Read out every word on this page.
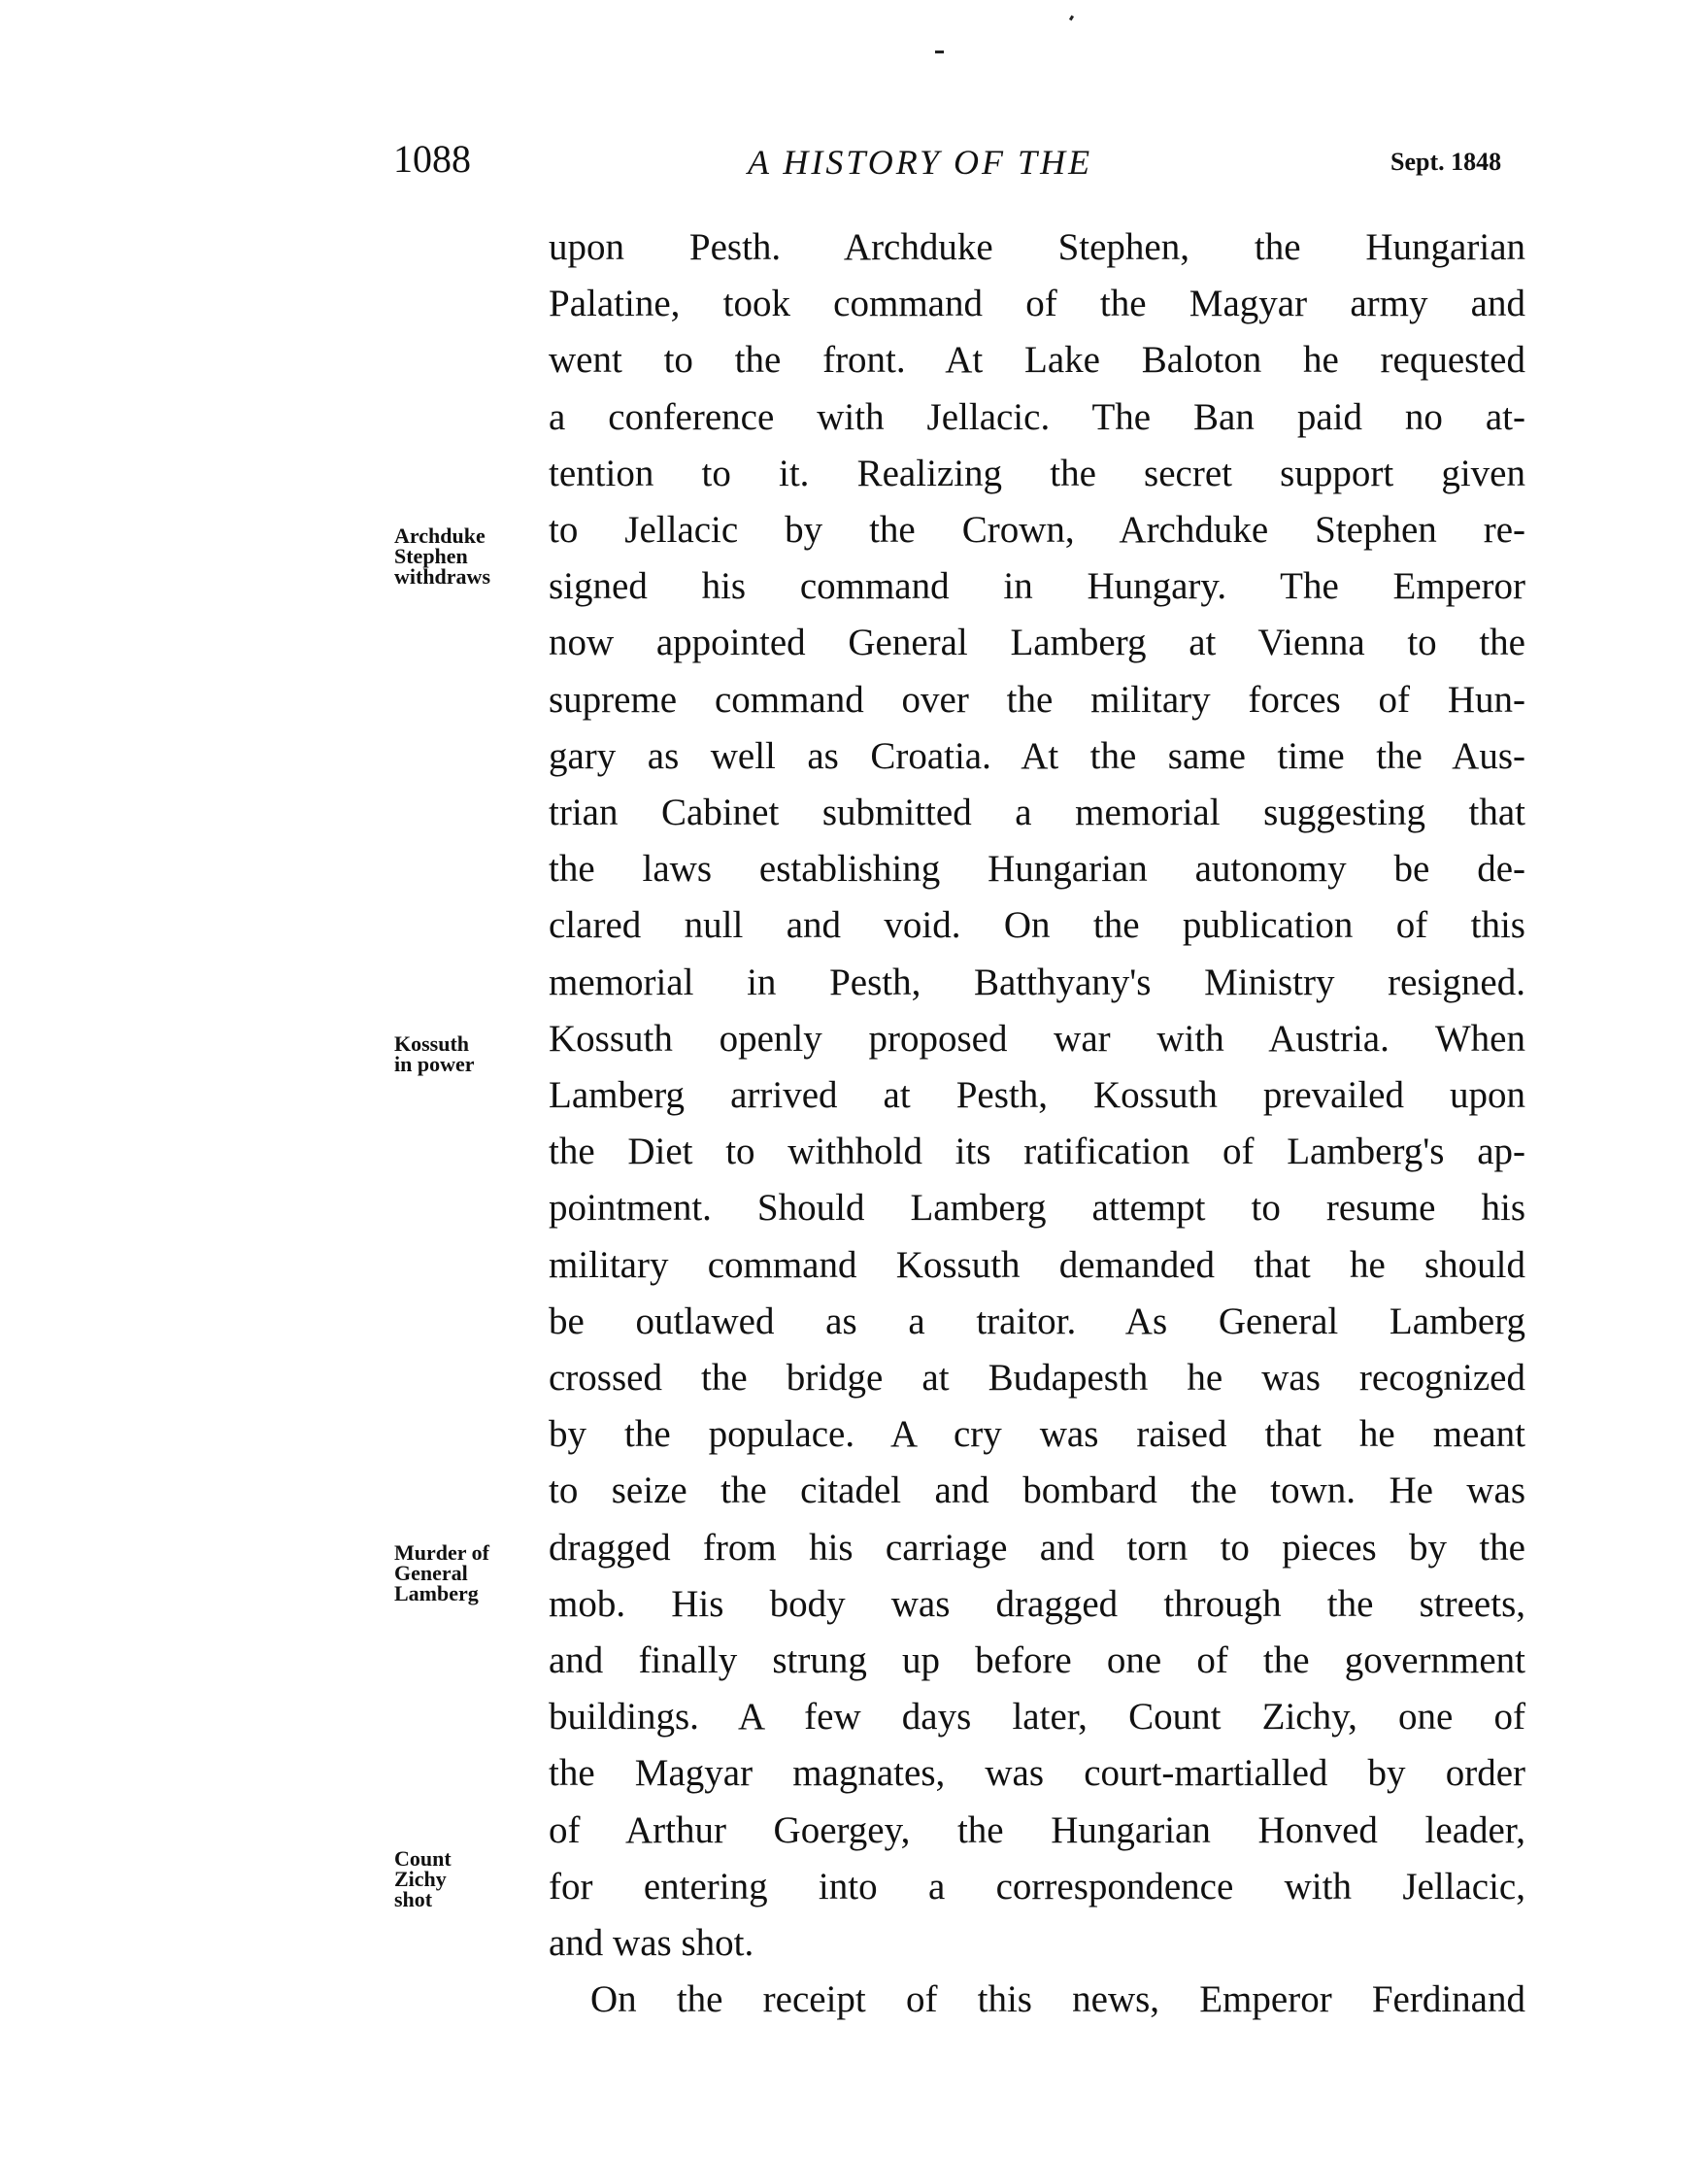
1088	A HISTORY OF THE	Sept. 1848
upon Pesth. Archduke Stephen, the Hungarian
Palatine, took command of the Magyar army and
went to the front. At Lake Baloton he requested
a conference with Jellacic. The Ban paid no at-
tention to it. Realizing the secret support given
to Jellacic by the Crown, Archduke Stephen re-
signed his command in Hungary. The Emperor
now appointed General Lamberg at Vienna to the
supreme command over the military forces of Hun-
gary as well as Croatia. At the same time the Aus-
trian Cabinet submitted a memorial suggesting that
the laws establishing Hungarian autonomy be de-
clared null and void. On the publication of this
memorial in Pesth, Batthyany's Ministry resigned.
Kossuth openly proposed war with Austria. When
Lamberg arrived at Pesth, Kossuth prevailed upon
the Diet to withhold its ratification of Lamberg's ap-
pointment. Should Lamberg attempt to resume his
military command Kossuth demanded that he should
be outlawed as a traitor. As General Lamberg
crossed the bridge at Budapesth he was recognized
by the populace. A cry was raised that he meant
to seize the citadel and bombard the town. He was
dragged from his carriage and torn to pieces by the
mob. His body was dragged through the streets,
and finally strung up before one of the government
buildings. A few days later, Count Zichy, one of
the Magyar magnates, was court-martialled by order
of Arthur Goergey, the Hungarian Honved leader,
for entering into a correspondence with Jellacic,
and was shot.
On the receipt of this news, Emperor Ferdinand
Archduke
Stephen
withdraws
Kossuth
in power
Murder of
General
Lamberg
Count
Zichy
shot
